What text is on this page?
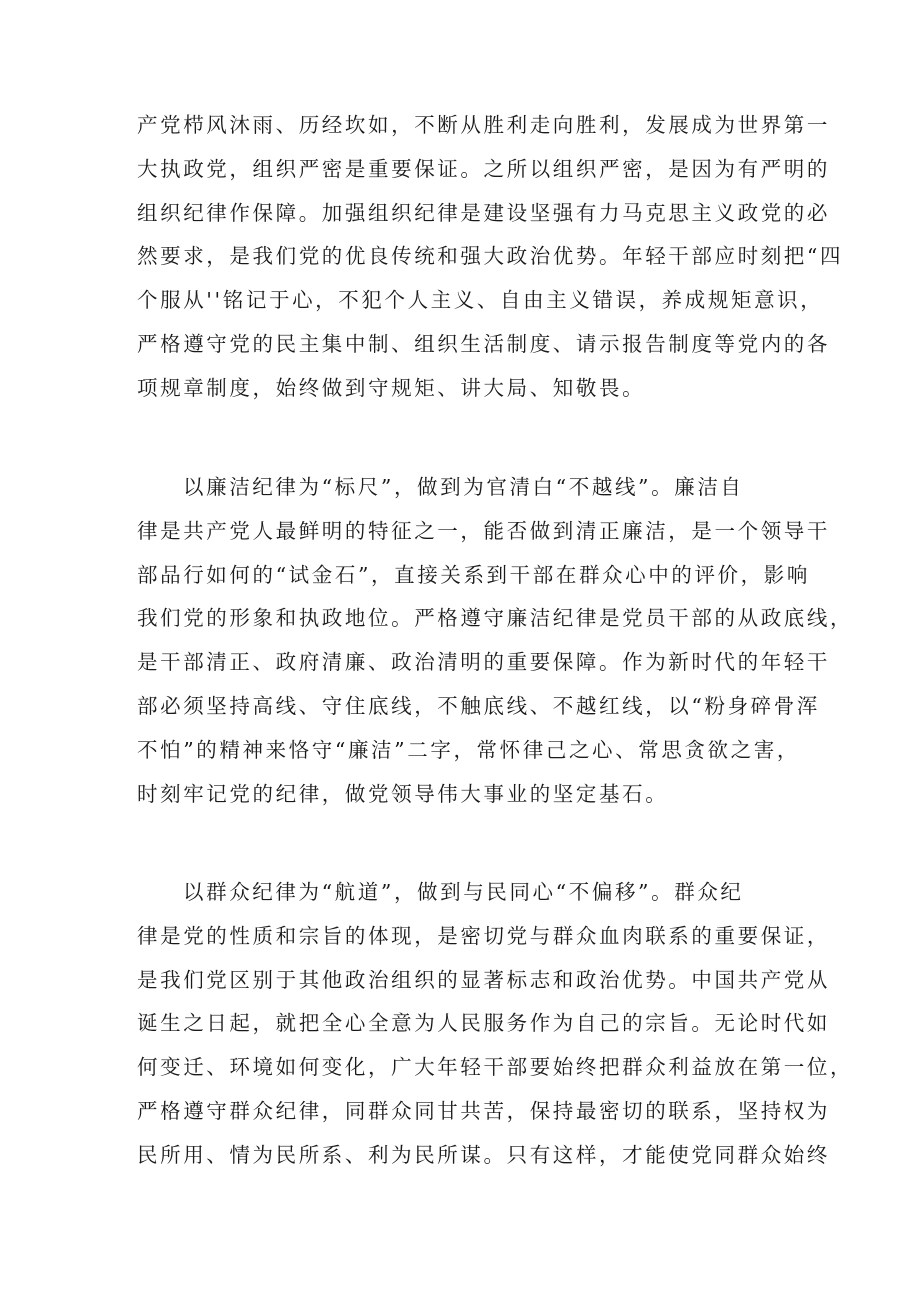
产党栉风沐雨、历经坎如，不断从胜利走向胜利，发展成为世界第一
大执政党，组织严密是重要保证。之所以组织严密，是因为有严明的
组织纪律作保障。加强组织纪律是建设坚强有力马克思主义政党的必
然要求，是我们党的优良传统和强大政治优势。年轻干部应时刻把“四
个服从''铭记于心，不犯个人主义、自由主义错误，养成规矩意识，
严格遵守党的民主集中制、组织生活制度、请示报告制度等党内的各
项规章制度，始终做到守规矩、讲大局、知敬畏。
以廉洁纪律为“标尺”，做到为官清白“不越线”。廉洁自
律是共产党人最鲜明的特征之一，能否做到清正廉洁，是一个领导干
部品行如何的“试金石”，直接关系到干部在群众心中的评价，影响
我们党的形象和执政地位。严格遵守廉洁纪律是党员干部的从政底线，
是干部清正、政府清廉、政治清明的重要保障。作为新时代的年轻干
部必须坚持高线、守住底线，不触底线、不越红线，以“粉身碎骨浑
不怕”的精神来恪守“廉洁”二字，常怀律己之心、常思贪欲之害，
时刻牢记党的纪律，做党领导伟大事业的坚定基石。
以群众纪律为“航道”，做到与民同心“不偏移”。群众纪
律是党的性质和宗旨的体现，是密切党与群众血肉联系的重要保证，
是我们党区别于其他政治组织的显著标志和政治优势。中国共产党从
诞生之日起，就把全心全意为人民服务作为自己的宗旨。无论时代如
何变迁、环境如何变化，广大年轻干部要始终把群众利益放在第一位，
严格遵守群众纪律，同群众同甘共苦，保持最密切的联系，坚持权为
民所用、情为民所系、利为民所谋。只有这样，才能使党同群众始终
